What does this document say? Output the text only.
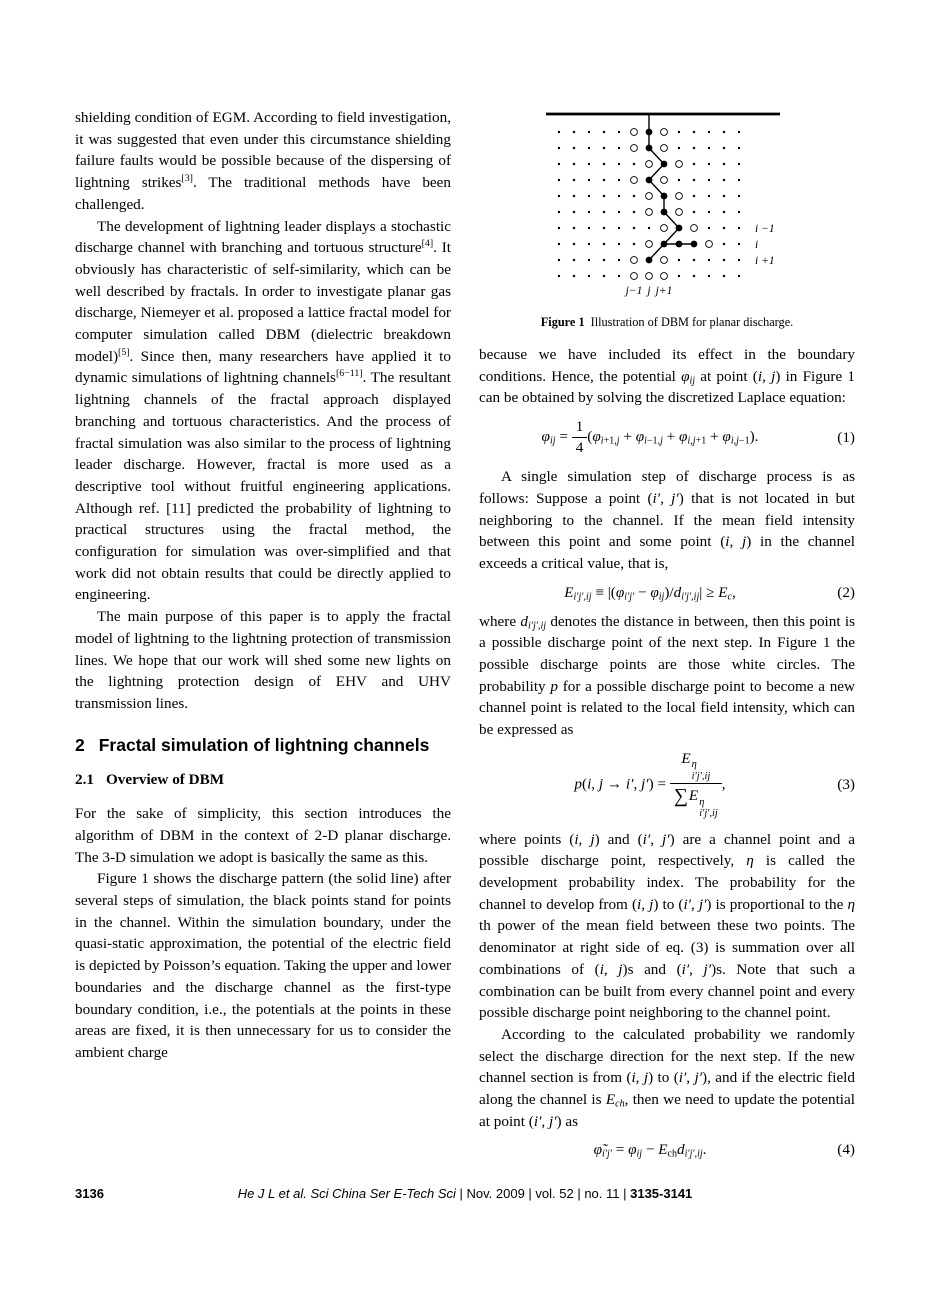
shielding condition of EGM. According to field investigation, it was suggested that even under this circumstance shielding failure faults would be possible because of the dispersing of lightning strikes[3]. The traditional methods have been challenged.

The development of lightning leader displays a stochastic discharge channel with branching and tortuous structure[4]. It obviously has characteristic of self-similarity, which can be well described by fractals. In order to investigate planar gas discharge, Niemeyer et al. proposed a lattice fractal model for computer simulation called DBM (dielectric breakdown model)[5]. Since then, many researchers have applied it to dynamic simulations of lightning channels[6−11]. The resultant lightning channels of the fractal approach displayed branching and tortuous characteristics. And the process of fractal simulation was also similar to the process of lightning leader discharge. However, fractal is more used as a descriptive tool without fruitful engineering applications. Although ref. [11] predicted the probability of lightning to practical structures using the fractal method, the configuration for simulation was over-simplified and that work did not obtain results that could be directly applied to engineering.

The main purpose of this paper is to apply the fractal model of lightning to the lightning protection of transmission lines. We hope that our work will shed some new lights on the lightning protection design of EHV and UHV transmission lines.

2 Fractal simulation of lightning channels
2.1 Overview of DBM

For the sake of simplicity, this section introduces the algorithm of DBM in the context of 2-D planar discharge. The 3-D simulation we adopt is basically the same as this.

Figure 1 shows the discharge pattern (the solid line) after several steps of simulation, the black points stand for points in the channel. Within the simulation boundary, under the quasi-static approximation, the potential of the electric field is depicted by Poisson’s equation. Taking the upper and lower boundaries and the discharge channel as the first-type boundary condition, i.e., the potentials at the points in these areas are fixed, it is then unnecessary for us to consider the ambient charge

i −1
i
i +1
j−1 j j+1
Figure 1 Illustration of DBM for planar discharge.

because we have included its effect in the boundary conditions. Hence, the potential $\varphi_{ij}$ at point (i, j) in Figure 1 can be obtained by solving the discretized Laplace equation:

$\varphi_{ij} = \frac{1}{4} (\varphi_{i+1,j} + \varphi_{i-1,j} + \varphi_{i,j+1} + \varphi_{i,j-1})$.	(1)

A single simulation step of discharge process is as follows: Suppose a point (i′, j′) that is not located in but neighboring to the channel. If the mean field intensity between this point and some point (i, j) in the channel exceeds a critical value, that is,

$E_{i'j',ij} \equiv |(\varphi_{i'j'} - \varphi_{ij})/d_{i'j',ij}| \ge E_c$,	(2)

where $d_{i'j',ij}$ denotes the distance in between, then this point is a possible discharge point of the next step. In Figure 1 the possible discharge points are those white circles. The probability p for a possible discharge point to become a new channel point is related to the local field intensity, which can be expressed as

p(i, j → i′, j′) = E η
i′j′,ij
∑E η
i′j′,ij ,	(3)

where points (i, j) and (i′, j′) are a channel point and a possible discharge point, respectively, η is called the development probability index. The probability for the channel to develop from (i, j) to (i′, j′) is proportional to the η th power of the mean field between these two points. The denominator at right side of eq. (3) is summation over all combinations of (i, j)s and (i′, j′)s. Note that such a combination can be built from every channel point and every possible discharge point neighboring to the channel point.

According to the calculated probability we randomly select the discharge direction for the next step. If the new channel section is from (i, j) to (i′, j′), and if the electric field along the channel is $E_{ch}$, then we need to update the potential at point (i′, j′) as

$\varphĩ_{i'j'} = \varphi_{ij} - E_{ch}d_{i'j',ij}$.	(4)
3136	He J L et al. Sci China Ser E-Tech Sci | Nov. 2009 | vol. 52 | no. 11 | 3135-3141
